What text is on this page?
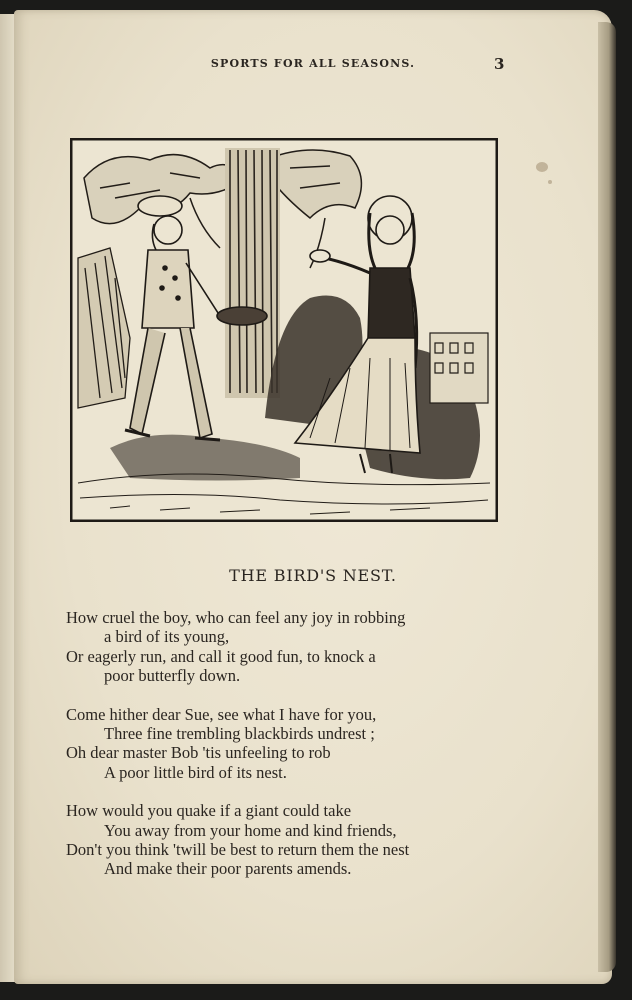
SPORTS FOR ALL SEASONS.	3
THE BIRD'S NEST.
How cruel the boy, who can feel any joy in robbing
a bird of its young,
Or eagerly run, and call it good fun, to knock a
poor butterfly down.
Come hither dear Sue, see what I have for you,
Three fine trembling blackbirds undrest ;
Oh dear master Bob 'tis unfeeling to rob
A poor little bird of its nest.
How would you quake if a giant could take
You away from your home and kind friends,
Don't you think 'twill be best to return them the nest
And make their poor parents amends.
